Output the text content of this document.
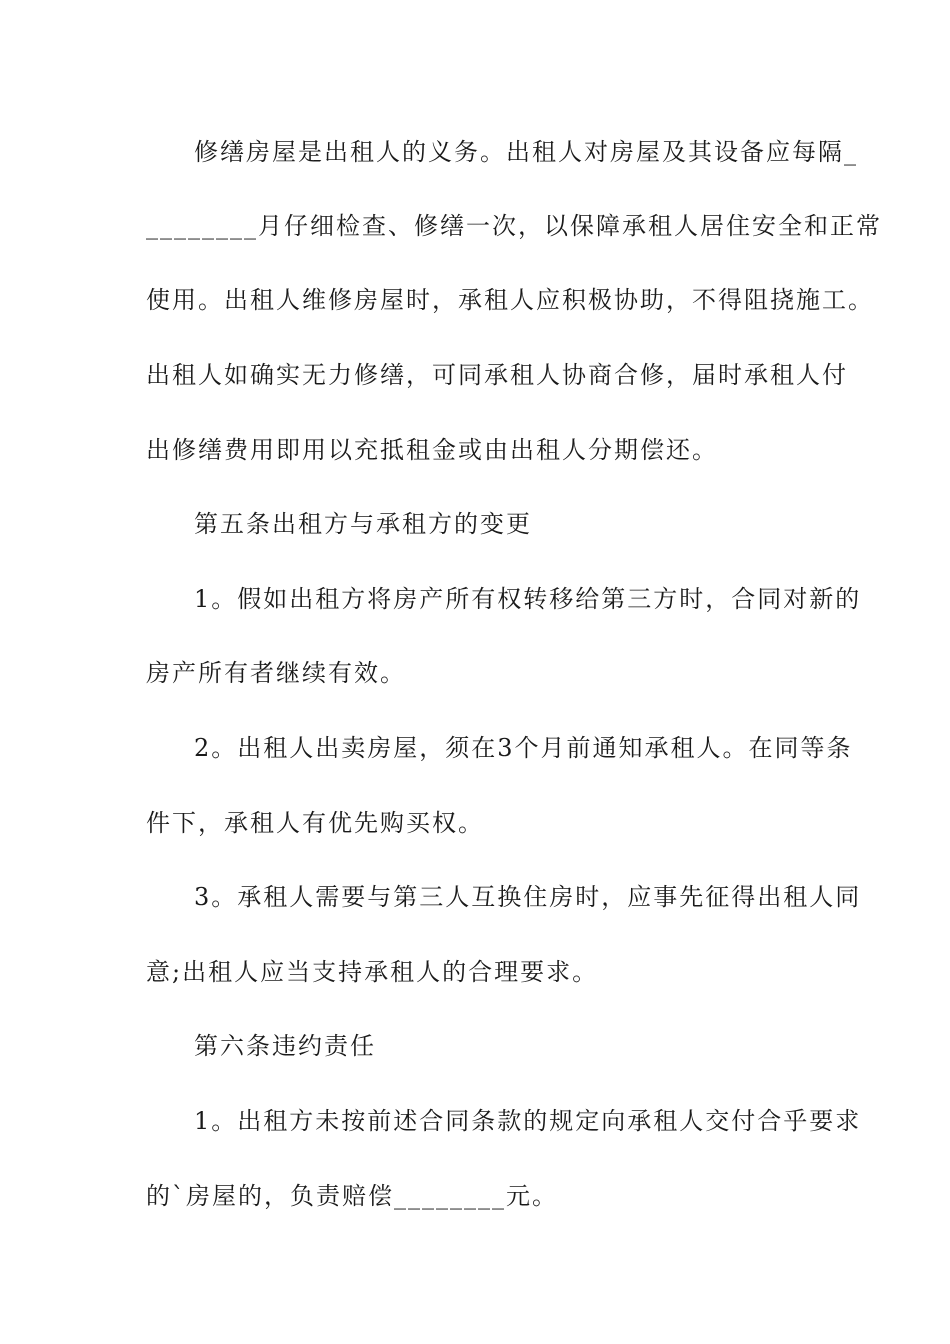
修缮房屋是出租人的义务。出租人对房屋及其设备应每隔_
________月仔细检查、修缮一次，以保障承租人居住安全和正常
使用。出租人维修房屋时，承租人应积极协助，不得阻挠施工。
出租人如确实无力修缮，可同承租人协商合修，届时承租人付
出修缮费用即用以充抵租金或由出租人分期偿还。
第五条出租方与承租方的变更
1。假如出租方将房产所有权转移给第三方时，合同对新的
房产所有者继续有效。
2。出租人出卖房屋，须在3个月前通知承租人。在同等条
件下，承租人有优先购买权。
3。承租人需要与第三人互换住房时，应事先征得出租人同
意;出租人应当支持承租人的合理要求。
第六条违约责任
1。出租方未按前述合同条款的规定向承租人交付合乎要求
的`房屋的，负责赔偿________元。
